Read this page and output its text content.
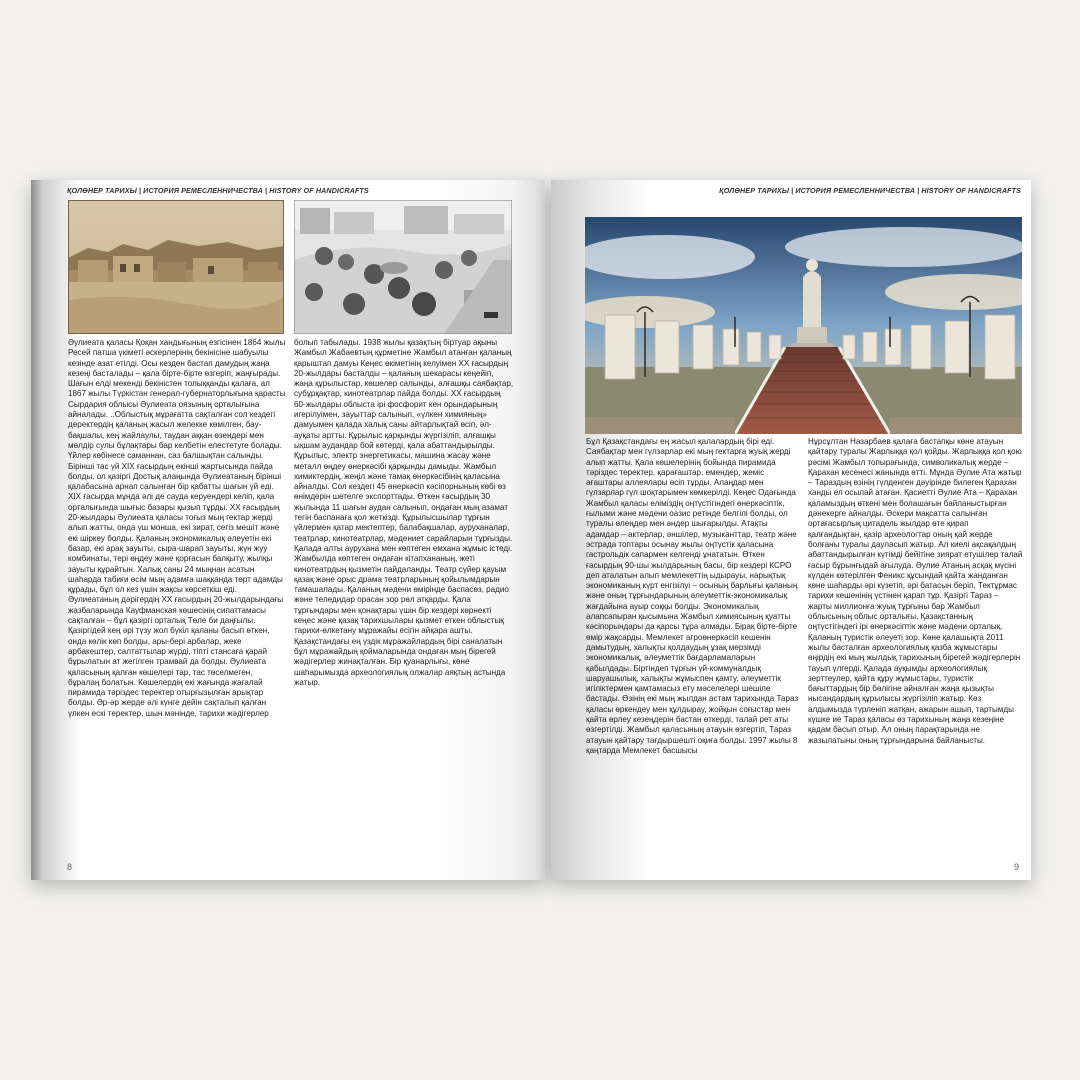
ҚОЛӨНЕР ТАРИХЫ | ИСТОРИЯ РЕМЕСЛЕННИЧЕСТВА | HISTORY OF HANDICRAFTS

Әулиеата қаласы Қоқан хандығының езгісінен 1864 жылы Ресей патша үкіметі әскерлерінің бекінісіне шабуылы кезінде азат етілді. Осы кезден бастап дамудың жаңа кезеңі басталады – қала бірте-бірте өзгеріп, жаңғырады. Шағын елді мекенді бекіністен толыққанды қалаға, ал 1867 жылы Түркістан генерал-губернаторлығына қарасты Сырдария облысы Әулиеата оязының орталығына айналады. ..Облыстық мұрағатта сақталған сол кездегі деректердің қаланың жасыл желекке көмілген, бау-бақшалы, кең жайлаулы, таудан аққан өзендері мен мөлдір сулы бұлақтары бар келбетін елестетуге болады. Үйлер көбінесе саманнан, саз балшықтан салынды. Бірінші тас үй XIX ғасырдың екінші жартысында пайда болды, ол қазіргі Достық алаңында Әулиеатаның бірінші қалабасына арнап салынған бір қабатты шағын үй еді. XIX ғасырда мұнда әлі де сауда керуендері келіп, қала орталығында шығыс базары қызып тұрды. XX ғасырдың 20-жылдары Әулиеата қаласы тоғыз мың гектар жерді алып жатты, онда үш монша, екі зират, сегіз мешіт және екі шіркеу болды. Қаланың экономикалық әлеуетін екі базар, екі арақ зауыты, сыра-шарап зауыты, жүн жуу комбинаты, тері өңдеу және қорғасын балқыту, жылқы зауыты құрайтын. Халық саны 24 мыңнан асатын шаһарда табиғи өсім мың адамға шаққанда төрт адамды құрады, бұл ол кез үшін жақсы көрсеткіш еді. Әулиеатаның дәрігердің XX ғасырдың 20-жылдарындағы жазбаларында Кауфманская көшесінің сипаттамасы сақталған – бұл қазіргі орталық Төле би даңғылы. Қазіргідей кең әрі түзу жол бүкіл қаланы басып өткен, онда көлік көп болды, ары-бері арбалар, жеке арбакештер, салтаттылар жүрді, тіпті стансаға қарай бұрылатын ат жегілген трамвай да болды. Әулиеата қаласының қалған көшелері тар, тас төселмеген, бұралаң болатын. Көшелердің екі жағында жағалай пирамида тәріздес теректер отырғызылған арықтар болды. Әр-әр жерде әлі күнге дейін сақталып қалған үлкен ескі теректер, шын мәнінде, тарихи жәдігерлер

болып табылады. 1938 жылы қазақтың біртуар ақыны Жамбыл Жабаевтың құрметіне Жамбыл атанған қаланың қарыштап дамуы Кеңес өкіметінің келуімен XX ғасырдың 20-жылдары басталды – қаланың шекарасы кеңейіп, жаңа құрылыстар, көшелер салынды, алғашқы саябақтар, субұрқақтар, кинотеатрлар пайда болды. XX ғасырдың 60-жылдары облыста ірі фосфорит кен орындарының игерілуімен, зауыттар салынып, «үлкен химияның» дамуымен қалада халық саны айтарлықтай өсіп, әл-ауқаты артты. Құрылыс қарқынды жүргізіліп, алғашқы ықшам аудандар бой көтерді, қала абаттандырылды. Құрылыс, электр энергетикасы, машина жасау және металл өңдеу өнеркәсібі қарқынды дамыды. Жамбыл химиктердің, жеңіл және тамақ өнеркәсібінің қаласына айналды. Сол кездегі 45 өнеркәсіп кәсіпорнының көбі өз өнімдерін шетелге экспорттады. Өткен ғасырдың 30 жылында 11 шағын аудан салынып, ондаған мың азамат тегін баспанаға қол жеткізді. Құрылысшылар тұрғын үйлермен қатар мектептер, балабақшалар, ауруханалар, театрлар, кинотеатрлар, мәдениет сарайларын тұрғызды. Қалада алты аурухана мен көптеген емхана жұмыс істеді. Жамбылда көптеген ондаған кітапхананың, жеті кинотеатрдың қызметін пайдаланды. Театр сүйер қауым қазақ және орыс драма театрларының қойылымдарын тамашалады. Қаланың мәдени өмірінде баспасөз, радио және теледидар орасан зор рөл атқарды. Қала тұрғындары мен қонақтары үшін бір кездері көрнекті кеңес және қазақ тарихшылары қызмет еткен облыстық тарихи-өлкетану мұражайы есігін айқара ашты. Қазақстандағы ең үздік мұражайлардың бірі саналатын бұл мұражайдың қоймаларында ондаған мың бірегей жәдігерлер жинақталған. Бір қуанарлығы, көне шаһарымызда археологиялық олжалар аяқтың астында жатыр.

8
ҚОЛӨНЕР ТАРИХЫ | ИСТОРИЯ РЕМЕСЛЕННИЧЕСТВА | HISTORY OF HANDICRAFTS

Бұл Қазақстандағы ең жасыл қалалардың бірі еді. Саябақтар мен гүлзарлар екі мың гектарға жуық жерді алып жатты. Қала көшелерінің бойында пирамида тәріздес теректер, қарағаштар, емендер, жеміс ағаштары аллеялары өсіп тұрды. Алаңдар мен гүлзарлар гүл шоқтарымен көмкерілді. Кеңес Одағында Жамбыл қаласы еліміздің оңтүстігіндегі өнеркәсіптік, ғылыми және мәдени оазис ретінде белгілі болды, ол туралы өлеңдер мен әндер шығарылды. Атақты адамдар – актерлар, әншілер, музыканттар, театр және эстрада топтары осынау жылы оңтүстік қаласына гастрольдік сапармен келгенді ұнататын. Өткен ғасырдың 90-шы жылдарының басы, бір кездері КСРО деп аталатын алып мемлекеттің ыдырауы, нарықтық экономиканың күрт енгізілуі – осының барлығы қаланың және оның тұрғындарының әлеуметтік-экономикалық жағдайына ауыр соққы болды. Экономикалық алапсапыран қысымына Жамбыл химиясының қуатты кәсіпорындары да қарсы тұра алмады. Бірақ бірте-бірте өмір жақсарды. Мемлекет агроөнеркәсіп кешенін дамытудың, халықты қолдаудың ұзақ мерзімді экономикалық, әлеуметтік бағдарламаларын қабылдады. Біртіндеп тұрғын үй-коммуналдық шаруашылық, халықты жұмыспен қамту, әлеуметтік игіліктермен қамтамасыз ету мәселелері шешіле бастады. Өзінің екі мың жылдан астам тарихында Тараз қаласы өркендеу мен құлдырау, жойқын соғыстар мен қайта өрлеу кезеңдерін бастан өткерді, талай рет аты өзгертілді. Жамбыл қаласының атауын өзгертіп, Тараз атауын қайтару тағдыршешті оқиға болды. 1997 жылы 8 қаңтарда Мемлекет басшысы

Нұрсұлтан Назарбаев қалаға бастапқы көне атауын қайтару туралы Жарлыққа қол қойды. Жарлыққа қол қою рәсімі Жамбыл топырағында, символикалық жерде – Қарахан кесенесі жанында өтті. Мұнда Әулие Ата жатыр – Тараздың өзінің гүлденген дәуірінде билеген Қарахан ханды ел осылай атаған. Қасиетті Әулие Ата – Қарахан қаламыздың өткені мен болашағын байланыстырған дәнекерге айналды. Әскери мақсатта салынған ортағасырлық цитадель жылдар өте қирап қалғандықтан, қазір археологтар оның қай жерде болғаны туралы дауласып жатыр. Ал киелі ақсақалдың абаттандырылған күтімді бейітіне зиярат етушілер талай ғасыр бұрынғыдай ағылуда. Әулие Атаның асқақ мүсіні күлден көтерілген Феникс құсындай қайта жанданған көне шаһарды әрі күзетіп, әрі батасын беріп, Тектұрмас тарихи кешенінің үстінен қарап тұр. Қазіргі Тараз – жарты миллионға жуық тұрғыны бар Жамбыл облысының облыс орталығы, Қазақстанның оңтүстігіндегі ірі өнеркәсіптік және мәдени орталық. Қаланың туристік әлеуеті зор. Көне қалашықта 2011 жылы басталған археологиялық қазба жұмыстары өңірдің екі мың жылдық тарихының бірегей жәдігерлерін тауып үлгерді. Қалада ауқымды археологиялық зерттеулер, қайта құру жұмыстары, туристік бағыттардың бір бөлігіне айналған жаңа қызықты нысандардың құрылысы жүргізіліп жатыр. Көз алдымызда түрленіп жатқан, ажарын ашып, тартымды күшке ие Тараз қаласы өз тарихының жаңа кезеңіне қадам басып отыр. Ал оның парақтарында не жазылатыны оның тұрғындарына байланысты.

9
